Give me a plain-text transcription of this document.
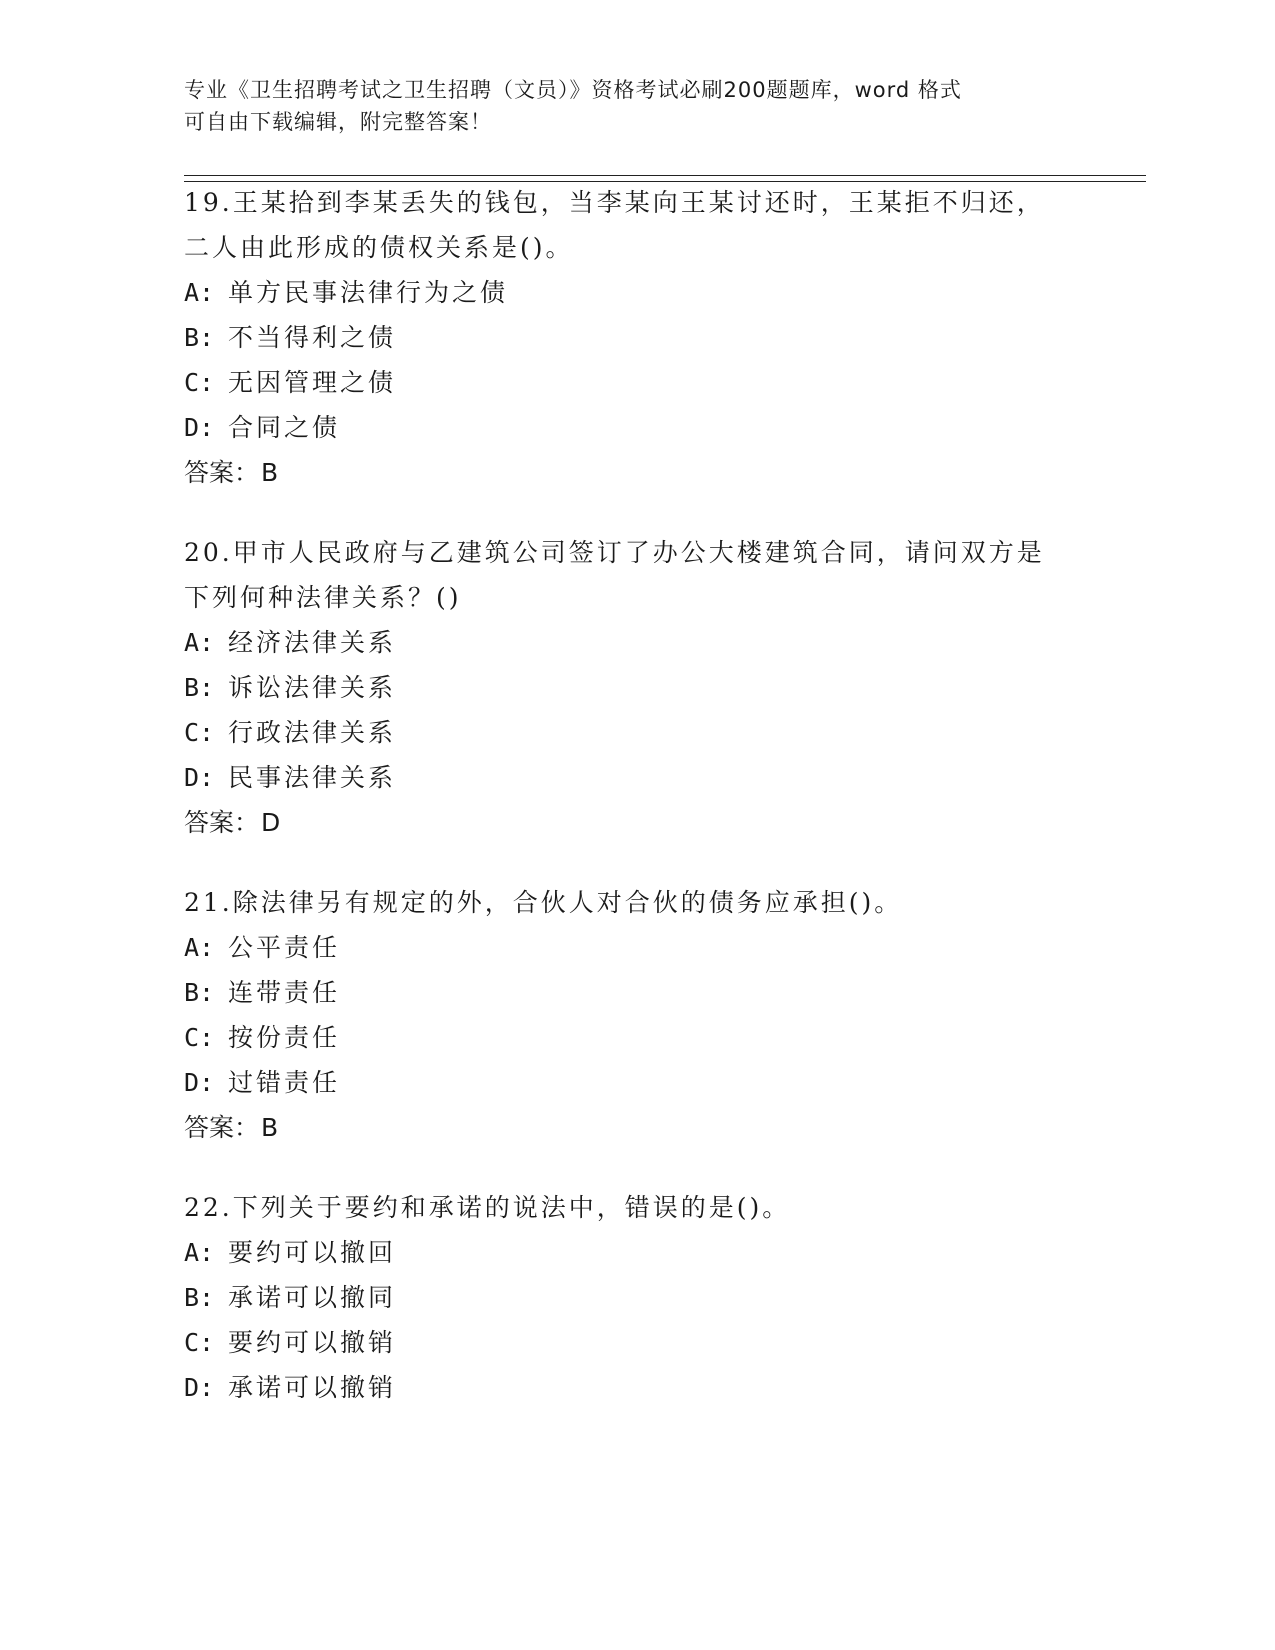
专业《卫生招聘考试之卫生招聘（文员）》资格考试必刷200题题库，word 格式
可自由下载编辑，附完整答案！

19.王某拾到李某丢失的钱包，当李某向王某讨还时，王某拒不归还，

二人由此形成的债权关系是()。

A: 单方民事法律行为之债

B: 不当得利之债

C: 无因管理之债

D: 合同之债

答案：B

20.甲市人民政府与乙建筑公司签订了办公大楼建筑合同，请问双方是

下列何种法律关系？()

A: 经济法律关系

B: 诉讼法律关系

C: 行政法律关系

D: 民事法律关系

答案：D

21.除法律另有规定的外，合伙人对合伙的债务应承担()。

A: 公平责任

B: 连带责任

C: 按份责任

D: 过错责任

答案：B

22.下列关于要约和承诺的说法中，错误的是()。

A: 要约可以撤回

B: 承诺可以撤同

C: 要约可以撤销

D: 承诺可以撤销
